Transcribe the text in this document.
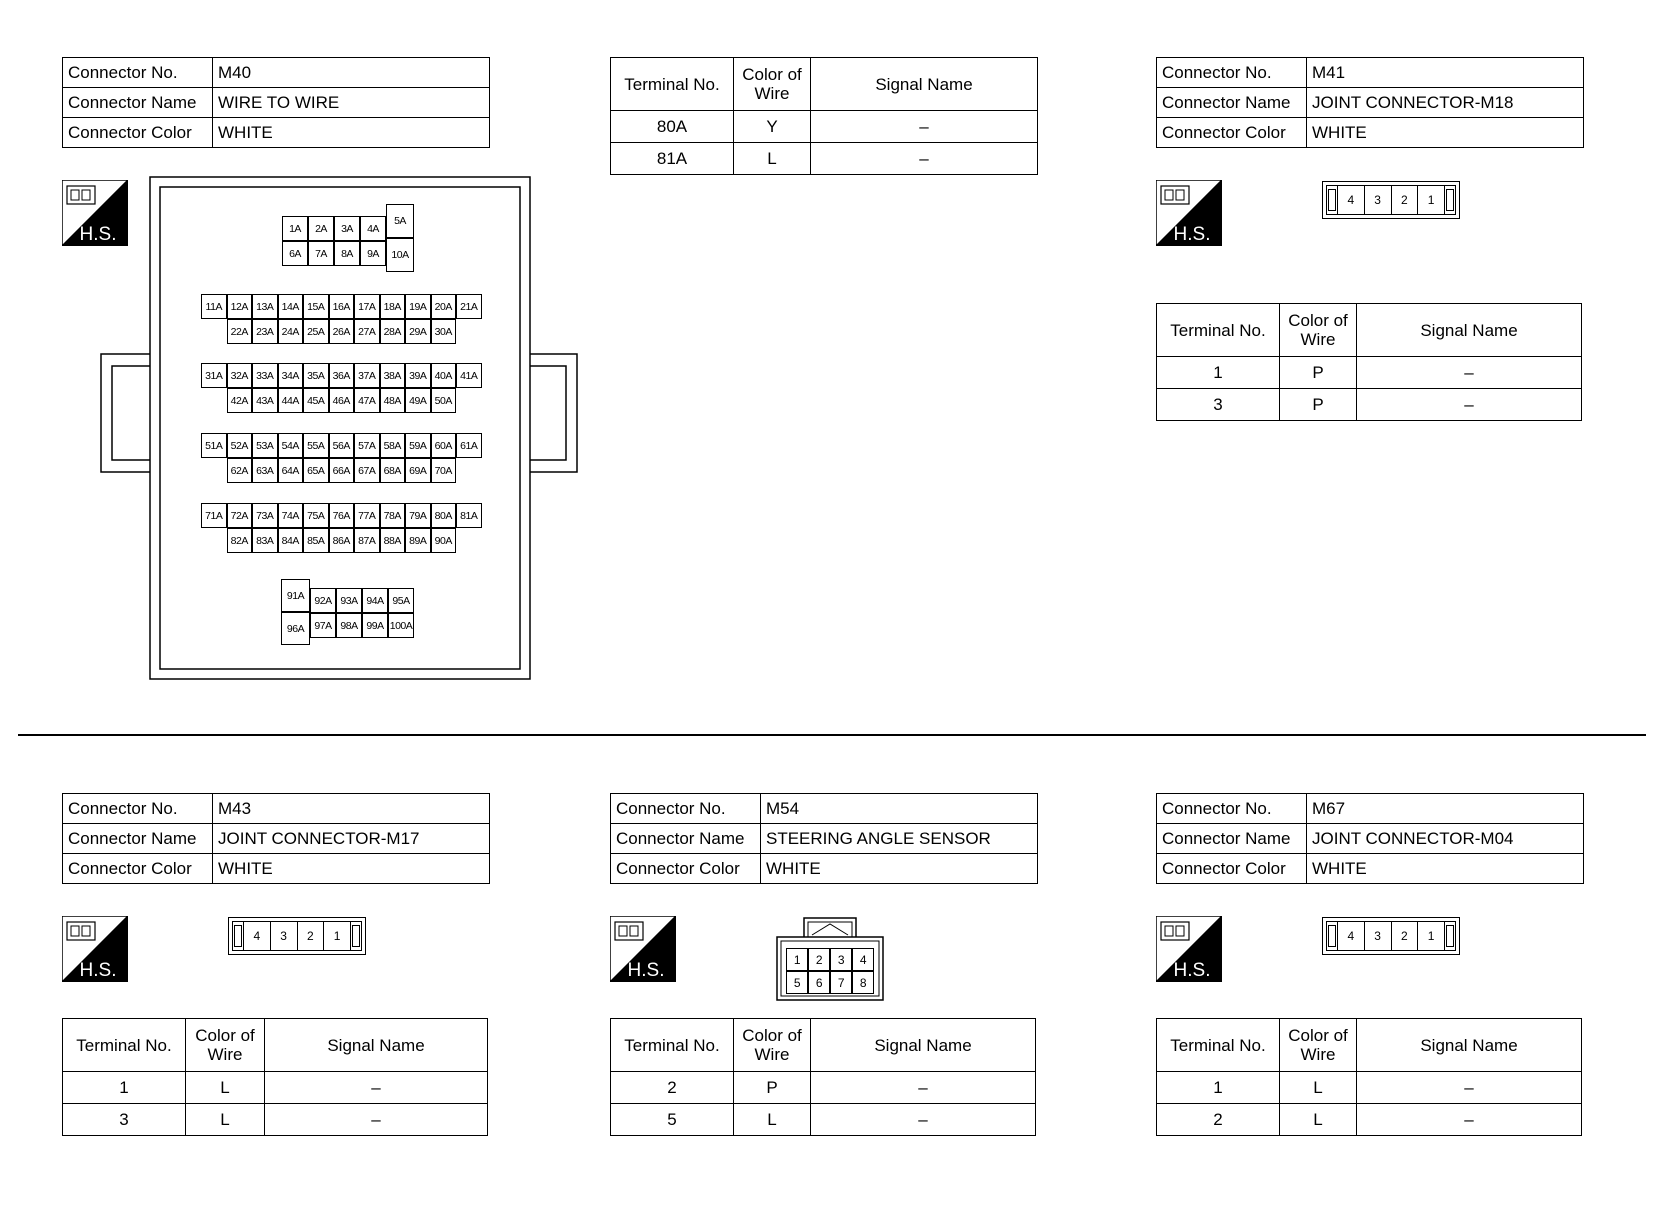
Connector No.	M40
Connector Name	WIRE TO WIRE
Connector Color	WHITE
H.S.	1A	2A	3A	4A
6A	7A	8A	9A
5A
10A
11A 12A 13A 14A 15A 16A 17A 18A 19A 20A 21A
22A 23A 24A 25A 26A 27A 28A 29A 30A
31A 32A 33A 34A 35A 36A 37A 38A 39A 40A 41A
42A 43A 44A 45A 46A 47A 48A 49A 50A
51A 52A 53A 54A 55A 56A 57A 58A 59A 60A 61A
62A 63A 64A 65A 66A 67A 68A 69A 70A
71A 72A 73A 74A 75A 76A 77A 78A 79A 80A 81A
82A 83A 84A 85A 86A 87A 88A 89A 90A
91A
96A
92A 93A 94A 95A
97A 98A 99A 100A
Terminal No.	Color of
Wire	Signal Name
80A	Y	–
81A	L	–
Connector No.	M41
Connector Name	JOINT CONNECTOR-M18
Connector Color	WHITE
H.S.
4	3	2	1
Terminal No.	Color of
Wire	Signal Name
1	P	–
3	P	–
Connector No.	M43
Connector Name	JOINT CONNECTOR-M17
Connector Color	WHITE
H.S.
4	3	2	1
Terminal No.	Color of
Wire	Signal Name
1	L	–
3	L	–
Connector No.	M54
Connector Name	STEERING ANGLE SENSOR
Connector Color	WHITE
H.S.
1	2	3	4
5	6	7	8
Terminal No.	Color of
Wire	Signal Name
2	P	–
5	L	–
Connector No.	M67
Connector Name	JOINT CONNECTOR-M04
Connector Color	WHITE
H.S.
4	3	2	1
Terminal No.	Color of
Wire	Signal Name
1	L	–
2	L	–
